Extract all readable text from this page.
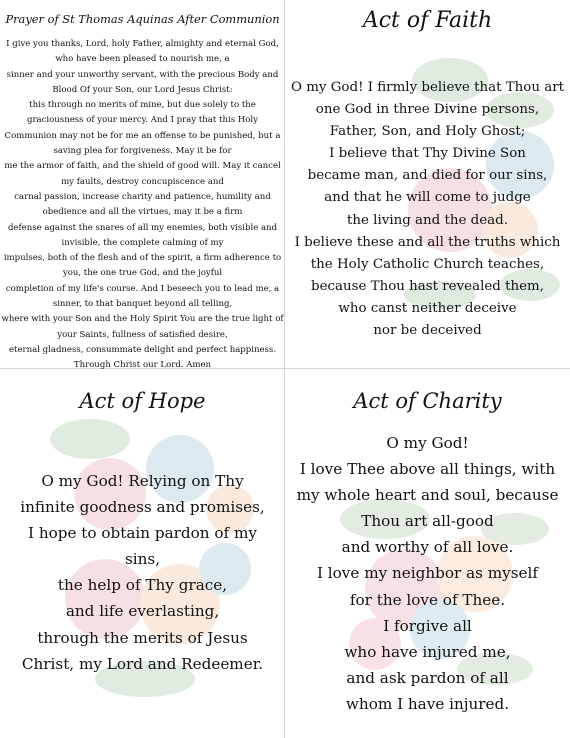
Prayer of St Thomas Aquinas After Communion
I give you thanks, Lord, holy Father, almighty and eternal God,
who have been pleased to nourish me, a
sinner and your unworthy servant, with the precious Body and
Blood Of your Son, our Lord Jesus Christ:
this through no merits of mine, but due solely to the
graciousness of your mercy. And I pray that this Holy
Communion may not be for me an offense to be punished, but a
saving plea for forgiveness. May it be for
me the armor of faith, and the shield of good will. May it cancel
my faults, destroy concupiscence and
carnal passion, increase charity and patience, humility and
obedience and all the virtues, may it be a firm
defense against the snares of all my enemies, both visible and
invisible, the complete calming of my
impulses, both of the flesh and of the spirit, a firm adherence to
you, the one true God, and the joyful
completion of my life's course. And I beseech you to lead me, a
sinner, to that banquet beyond all telling,
where with your Son and the Holy Spirit You are the true light of
your Saints, fullness of satisfied desire,
eternal gladness, consummate delight and perfect happiness.
Through Christ our Lord. Amen
Act of Faith
O my God! I firmly believe that Thou art
one God in three Divine persons,
Father, Son, and Holy Ghost;
I believe that Thy Divine Son
became man, and died for our sins,
and that he will come to judge
the living and the dead.
I believe these and all the truths which
the Holy Catholic Church teaches,
because Thou hast revealed them,
who canst neither deceive
nor be deceived
Act of Hope
O my God! Relying on Thy
infinite goodness and promises,
I hope to obtain pardon of my
sins,
the help of Thy grace,
and life everlasting,
through the merits of Jesus
Christ, my Lord and Redeemer.
Act of Charity
O my God!
I love Thee above all things, with
my whole heart and soul, because
Thou art all-good
and worthy of all love.
I love my neighbor as myself
for the love of Thee.
I forgive all
who have injured me,
and ask pardon of all
whom I have injured.
